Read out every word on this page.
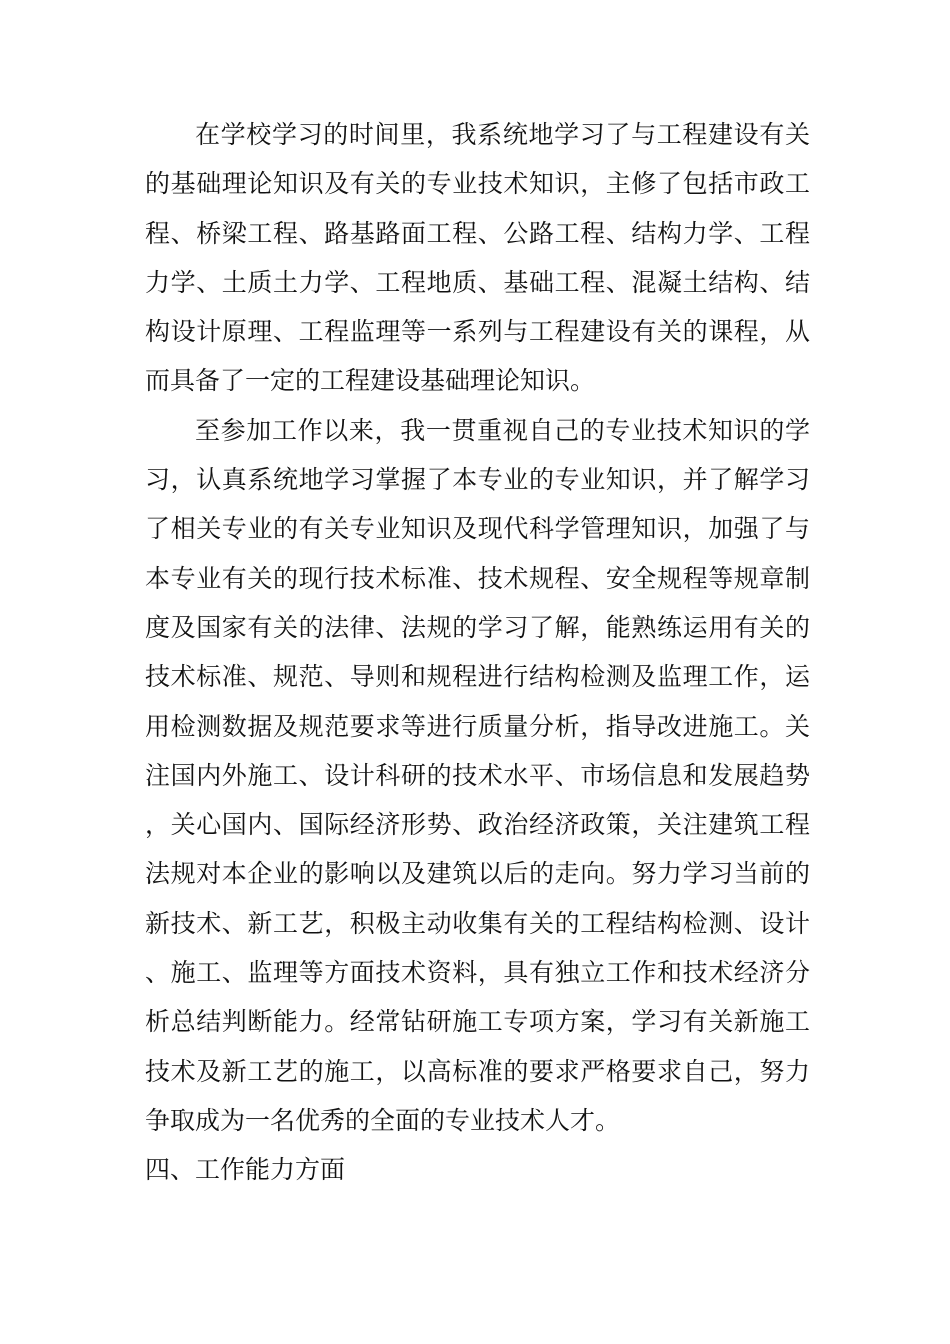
在学校学习的时间里，我系统地学习了与工程建设有关的基础理论知识及有关的专业技术知识，主修了包括市政工程、桥梁工程、路基路面工程、公路工程、结构力学、工程力学、土质土力学、工程地质、基础工程、混凝土结构、结构设计原理、工程监理等一系列与工程建设有关的课程，从而具备了一定的工程建设基础理论知识。

至参加工作以来，我一贯重视自己的专业技术知识的学习，认真系统地学习掌握了本专业的专业知识，并了解学习了相关专业的有关专业知识及现代科学管理知识，加强了与本专业有关的现行技术标准、技术规程、安全规程等规章制度及国家有关的法律、法规的学习了解，能熟练运用有关的技术标准、规范、导则和规程进行结构检测及监理工作，运用检测数据及规范要求等进行质量分析，指导改进施工。关注国内外施工、设计科研的技术水平、市场信息和发展趋势，关心国内、国际经济形势、政治经济政策，关注建筑工程法规对本企业的影响以及建筑以后的走向。努力学习当前的新技术、新工艺，积极主动收集有关的工程结构检测、设计、施工、监理等方面技术资料，具有独立工作和技术经济分析总结判断能力。经常钻研施工专项方案，学习有关新施工技术及新工艺的施工，以高标准的要求严格要求自己，努力争取成为一名优秀的全面的专业技术人才。

四、工作能力方面
